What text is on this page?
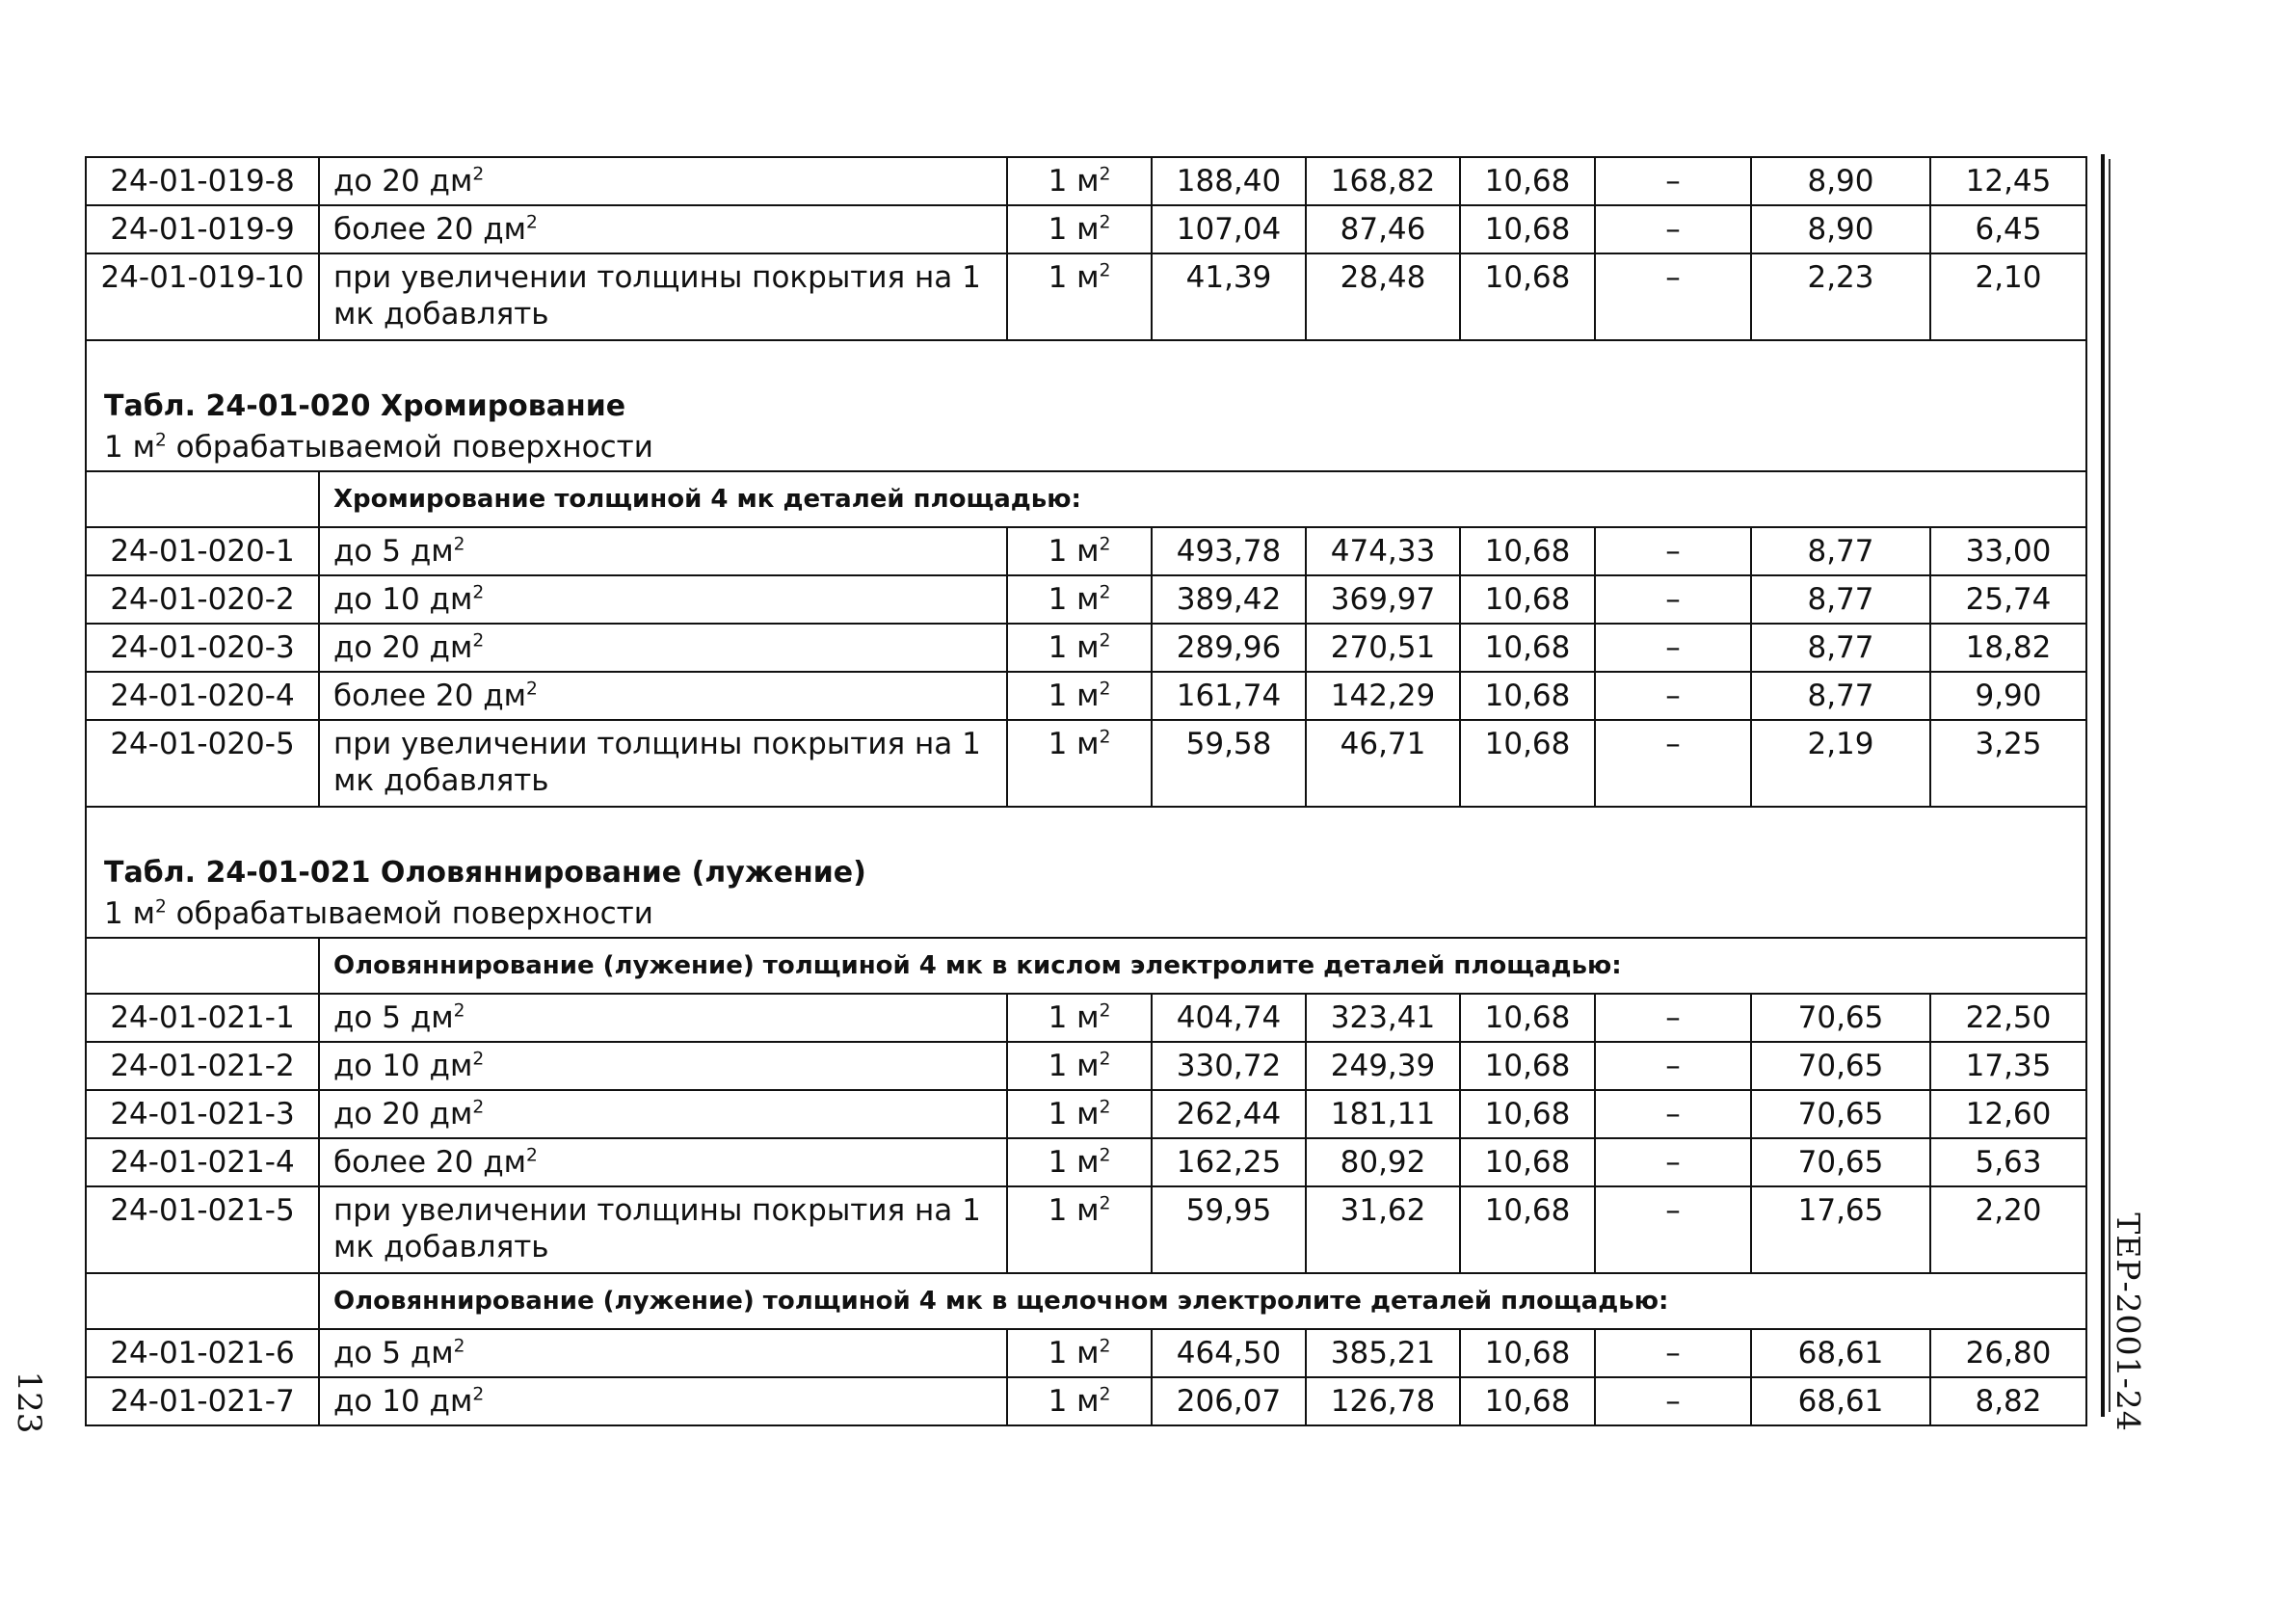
24-01-019-8	до 20 $дм^2$	1 $м^2$	188,40	168,82	10,68	–	8,90	12,45
24-01-019-9	более 20 $дм^2$	1 $м^2$	107,04	87,46	10,68	–	8,90	6,45
24-01-019-10	при увеличении толщины покрытия на 1 мк добавлять	1 $м^2$	41,39	28,48	10,68	–	2,23	2,10

Табл. 24-01-020 Хромирование
1 $м^2$ обрабатываемой поверхности								

	Хромирование толщиной 4 мк деталей площадью:							
24-01-020-1	до 5 $дм^2$	1 $м^2$	493,78	474,33	10,68	–	8,77	33,00
24-01-020-2	до 10 $дм^2$	1 $м^2$	389,42	369,97	10,68	–	8,77	25,74
24-01-020-3	до 20 $дм^2$	1 $м^2$	289,96	270,51	10,68	–	8,77	18,82
24-01-020-4	более 20 $дм^2$	1 $м^2$	161,74	142,29	10,68	–	8,77	9,90
24-01-020-5	при увеличении толщины покрытия на 1 мк добавлять	1 $м^2$	59,58	46,71	10,68	–	2,19	3,25

Табл. 24-01-021 Оловяннирование (лужение)
1 $м^2$ обрабатываемой поверхности								

	Оловяннирование (лужение) толщиной 4 мк в кислом электролите деталей площадью:							
24-01-021-1	до 5 $дм^2$	1 $м^2$	404,74	323,41	10,68	–	70,65	22,50
24-01-021-2	до 10 $дм^2$	1 $м^2$	330,72	249,39	10,68	–	70,65	17,35
24-01-021-3	до 20 $дм^2$	1 $м^2$	262,44	181,11	10,68	–	70,65	12,60
24-01-021-4	более 20 $дм^2$	1 $м^2$	162,25	80,92	10,68	–	70,65	5,63
24-01-021-5	при увеличении толщины покрытия на 1 мк добавлять	1 $м^2$	59,95	31,62	10,68	–	17,65	2,20
	Оловяннирование (лужение) толщиной 4 мк в щелочном электролите деталей площадью:							
24-01-021-6	до 5 $дм^2$	1 $м^2$	464,50	385,21	10,68	–	68,61	26,80
24-01-021-7	до 10 $дм^2$	1 $м^2$	206,07	126,78	10,68	–	68,61	8,82
123	ТЕР-2001-24
